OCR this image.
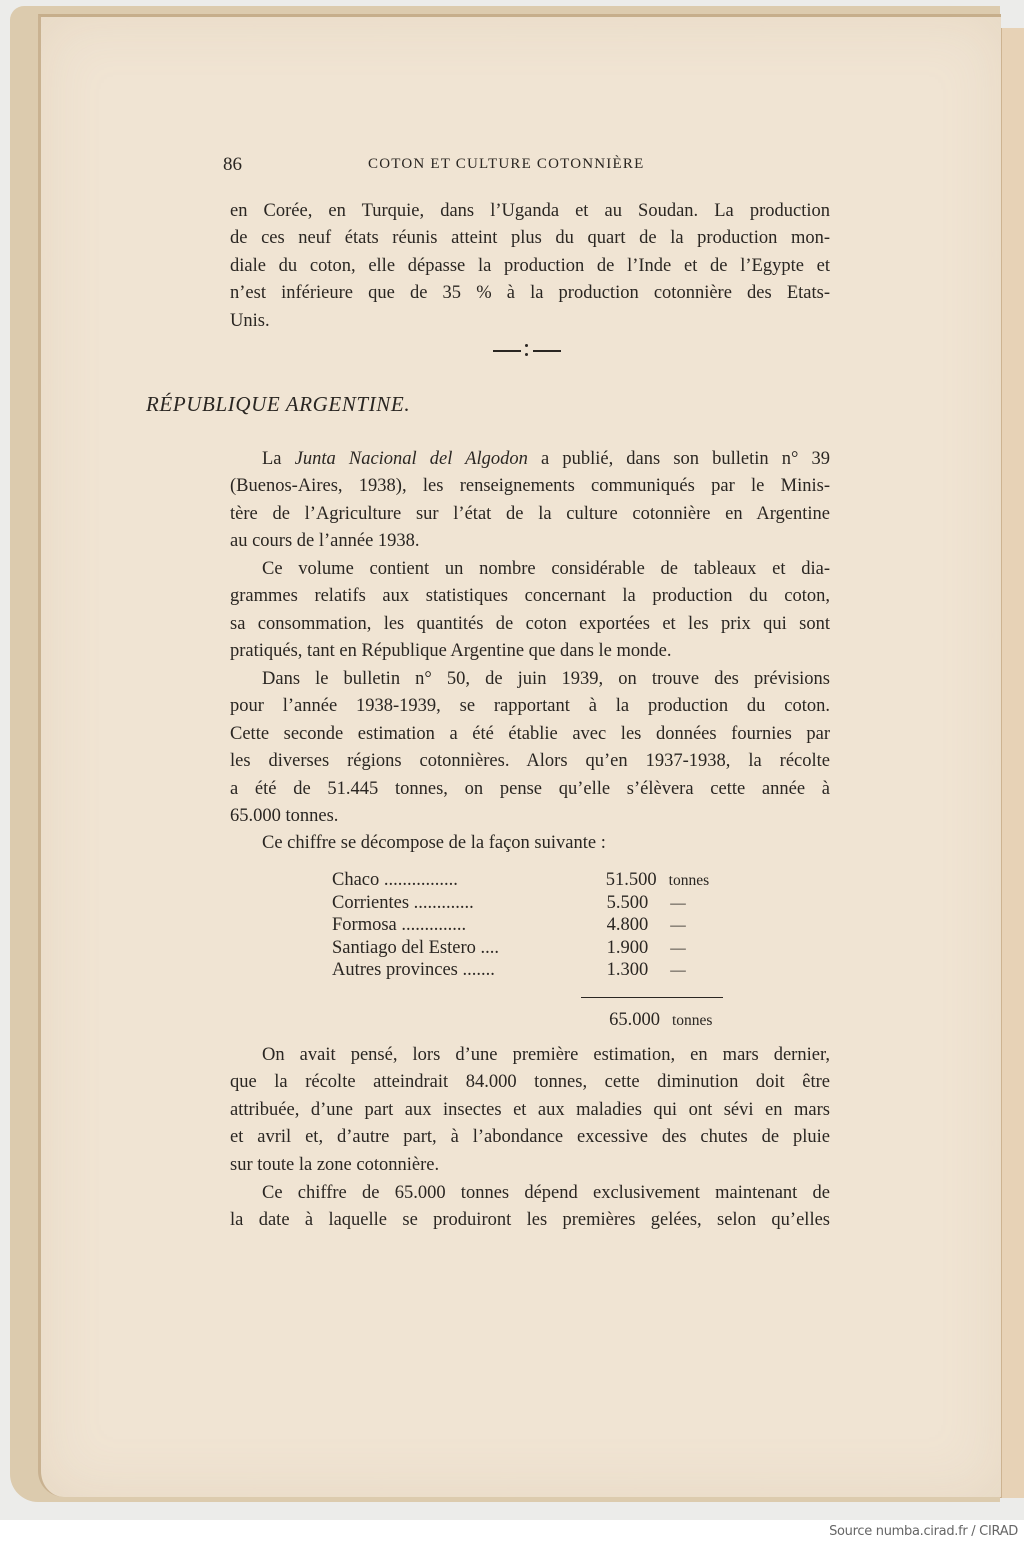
86	COTON ET CULTURE COTONNIÈRE
en Corée, en Turquie, dans l’Uganda et au Soudan. La production
de ces neuf états réunis atteint plus du quart de la production mon-
diale du coton, elle dépasse la production de l’Inde et de l’Egypte et
n’est inférieure que de 35 % à la production cotonnière des Etats-
Unis.
RÉPUBLIQUE ARGENTINE.
La Junta Nacional del Algodon a publié, dans son bulletin n° 39
(Buenos-Aires, 1938), les renseignements communiqués par le Minis-
tère de l’Agriculture sur l’état de la culture cotonnière en Argentine
au cours de l’année 1938.
Ce volume contient un nombre considérable de tableaux et dia-
grammes relatifs aux statistiques concernant la production du coton,
sa consommation, les quantités de coton exportées et les prix qui sont
pratiqués, tant en République Argentine que dans le monde.
Dans le bulletin n° 50, de juin 1939, on trouve des prévisions
pour l’année 1938-1939, se rapportant à la production du coton.
Cette seconde estimation a été établie avec les données fournies par
les diverses régions cotonnières. Alors qu’en 1937-1938, la récolte
a été de 51.445 tonnes, on pense qu’elle s’élèvera cette année à
65.000 tonnes.
Ce chiffre se décompose de la façon suivante :
Chaco ................	51.500 tonnes
Corrientes .............	5.500	—
Formosa ..............	4.800	—
Santiago del Estero ....	1.900	—
Autres provinces .......	1.300	—
65.000 tonnes
On avait pensé, lors d’une première estimation, en mars dernier,
que la récolte atteindrait 84.000 tonnes, cette diminution doit être
attribuée, d’une part aux insectes et aux maladies qui ont sévi en mars
et avril et, d’autre part, à l’abondance excessive des chutes de pluie
sur toute la zone cotonnière.
Ce chiffre de 65.000 tonnes dépend exclusivement maintenant de
la date à laquelle se produiront les premières gelées, selon qu’elles
Source numba.cirad.fr / CIRAD
